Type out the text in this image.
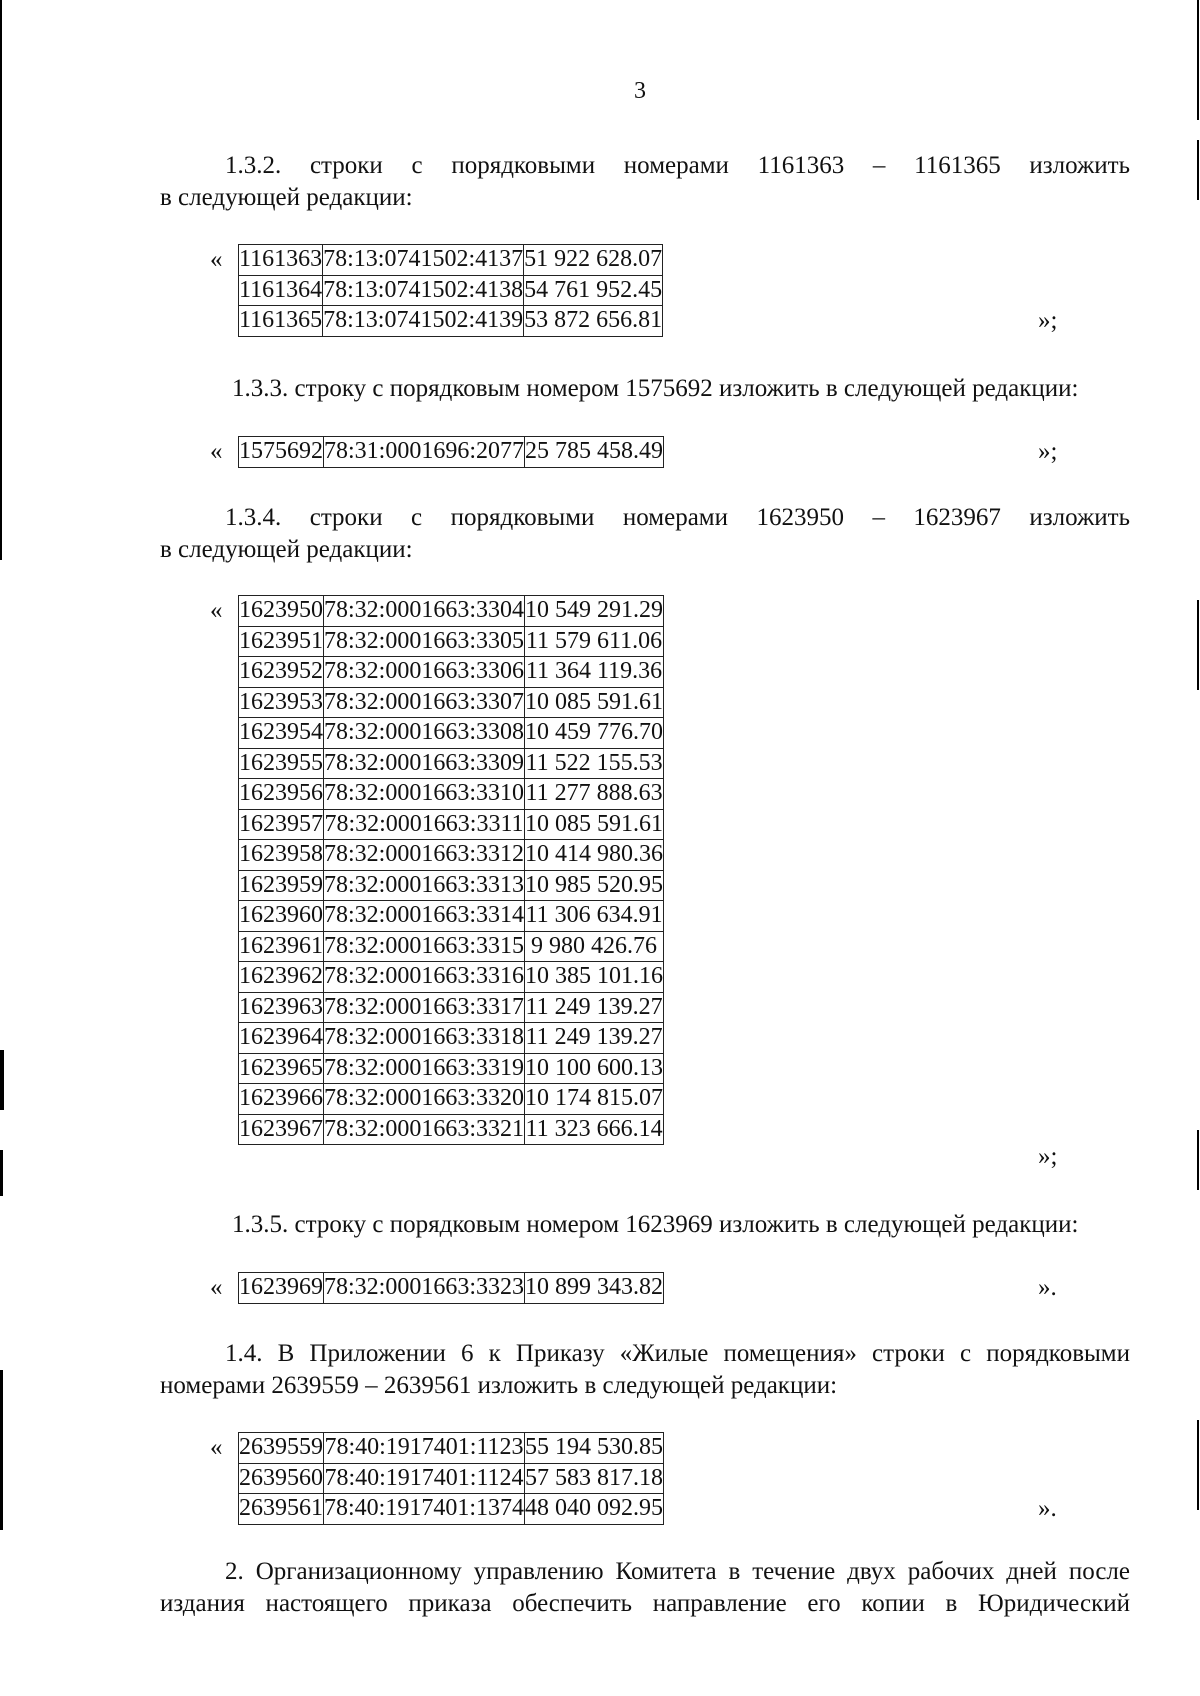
3
1.3.2. строки с порядковыми номерами 1161363 – 1161365 изложить
в следующей редакции:
« 1161363	78:13:0741502:4137	51 922 628.07
1161364	78:13:0741502:4138	54 761 952.45
1161365	78:13:0741502:4139	53 872 656.81	»;
1.3.3. строку с порядковым номером 1575692 изложить в следующей редакции:
« 1575692	78:31:0001696:2077	25 785 458.49	»;
1.3.4. строки с порядковыми номерами 1623950 – 1623967 изложить
в следующей редакции:
« 1623950	78:32:0001663:3304	10 549 291.29
1623951	78:32:0001663:3305	11 579 611.06
1623952	78:32:0001663:3306	11 364 119.36
1623953	78:32:0001663:3307	10 085 591.61
1623954	78:32:0001663:3308	10 459 776.70
1623955	78:32:0001663:3309	11 522 155.53
1623956	78:32:0001663:3310	11 277 888.63
1623957	78:32:0001663:3311	10 085 591.61
1623958	78:32:0001663:3312	10 414 980.36
1623959	78:32:0001663:3313	10 985 520.95
1623960	78:32:0001663:3314	11 306 634.91
1623961	78:32:0001663:3315	9 980 426.76
1623962	78:32:0001663:3316	10 385 101.16
1623963	78:32:0001663:3317	11 249 139.27
1623964	78:32:0001663:3318	11 249 139.27
1623965	78:32:0001663:3319	10 100 600.13
1623966	78:32:0001663:3320	10 174 815.07
1623967	78:32:0001663:3321	11 323 666.14
»;
1.3.5. строку с порядковым номером 1623969 изложить в следующей редакции:
« 1623969	78:32:0001663:3323	10 899 343.82	».
1.4. В Приложении 6 к Приказу «Жилые помещения» строки с порядковыми
номерами 2639559 – 2639561 изложить в следующей редакции:
« 2639559	78:40:1917401:1123	55 194 530.85
2639560	78:40:1917401:1124	57 583 817.18
2639561	78:40:1917401:1374	48 040 092.95	».
2. Организационному управлению Комитета в течение двух рабочих дней после
издания настоящего приказа обеспечить направление его копии в Юридический
